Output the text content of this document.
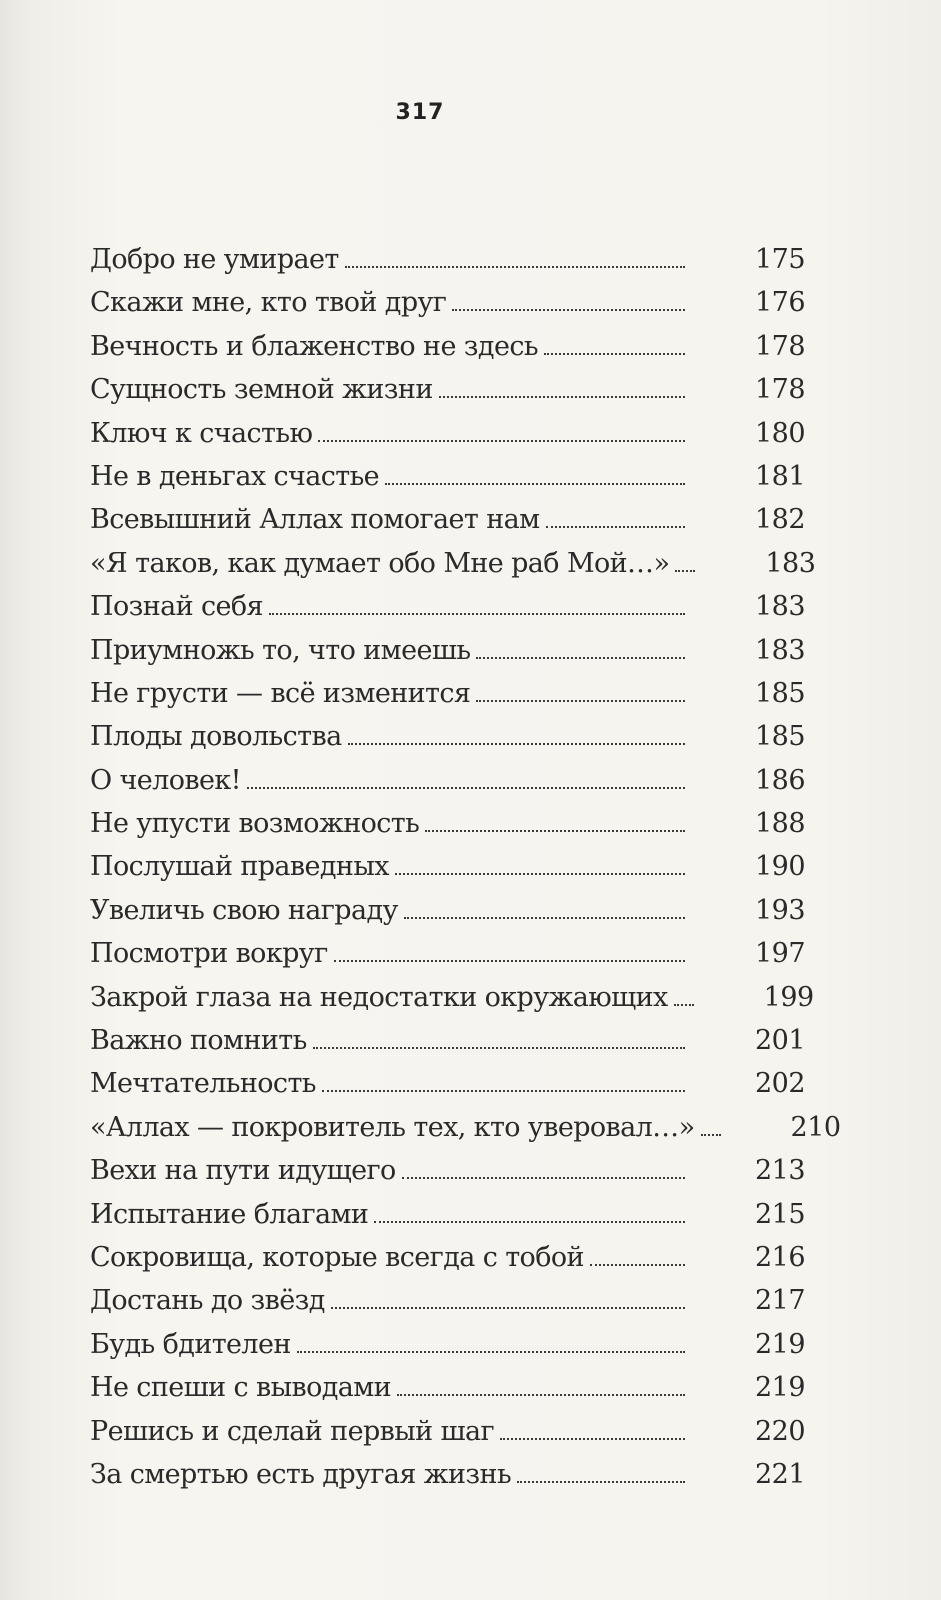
317
Добро не умирает	175
Скажи мне, кто твой друг	176
Вечность и блаженство не здесь	178
Сущность земной жизни	178
Ключ к счастью	180
Не в деньгах счастье	181
Всевышний Аллах помогает нам	182
«Я таков, как думает обо Мне раб Мой…»	183
Познай себя	183
Приумножь то, что имеешь	183
Не грусти — всё изменится	185
Плоды довольства	185
О человек!	186
Не упусти возможность	188
Послушай праведных	190
Увеличь свою награду	193
Посмотри вокруг	197
Закрой глаза на недостатки окружающих	199
Важно помнить	201
Мечтательность	202
«Аллах — покровитель тех, кто уверовал…»	210
Вехи на пути идущего	213
Испытание благами	215
Сокровища, которые всегда с тобой	216
Достань до звёзд	217
Будь бдителен	219
Не спеши с выводами	219
Решись и сделай первый шаг	220
За смертью есть другая жизнь	221
